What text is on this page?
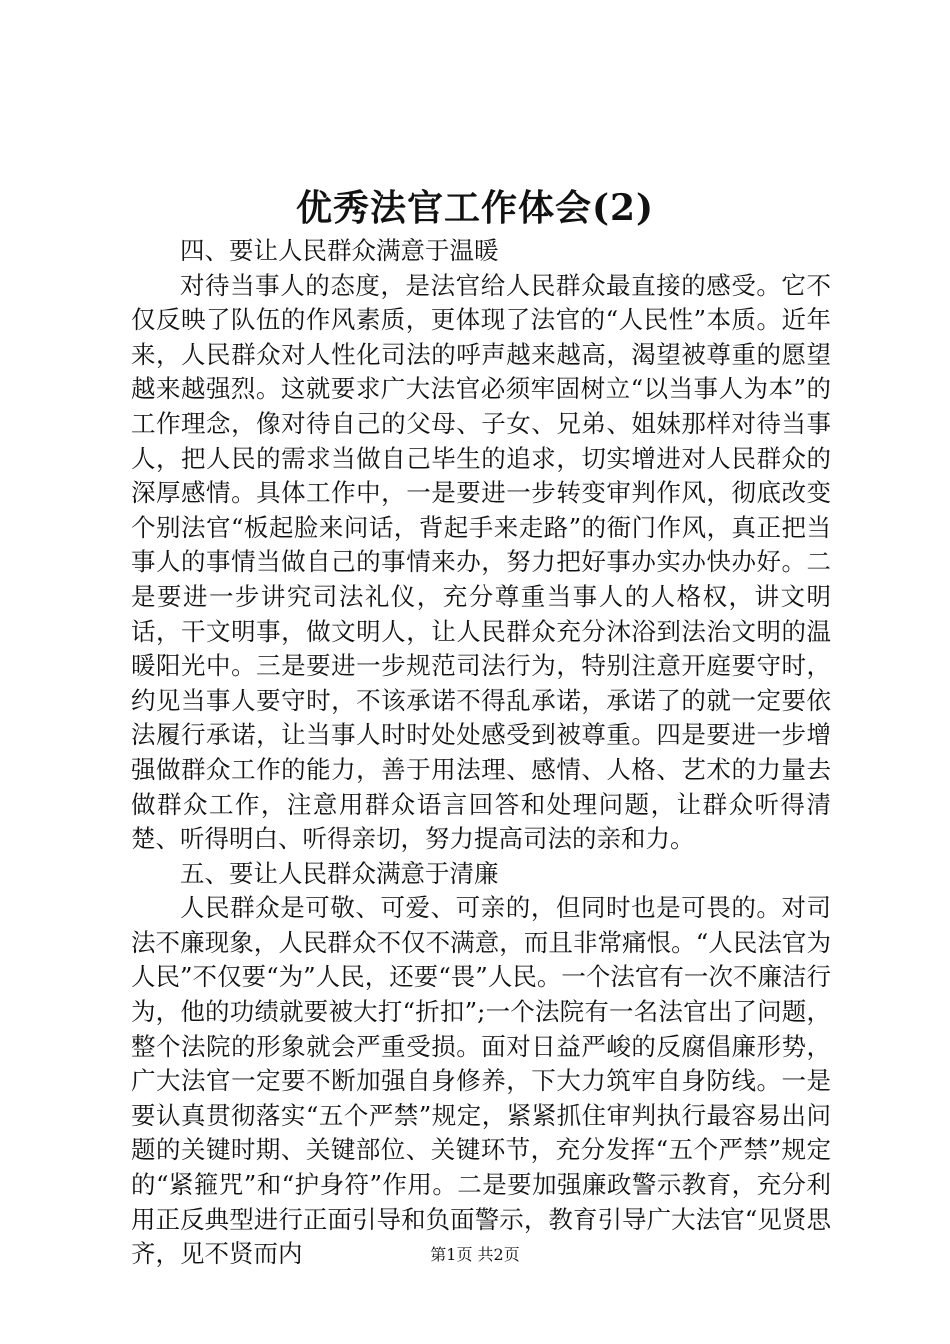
优秀法官工作体会(2)

四、要让人民群众满意于温暖

对待当事人的态度，是法官给人民群众最直接的感受。它不仅反映了队伍的作风素质，更体现了法官的“人民性”本质。近年来，人民群众对人性化司法的呼声越来越高，渴望被尊重的愿望越来越强烈。这就要求广大法官必须牢固树立“以当事人为本”的工作理念，像对待自己的父母、子女、兄弟、姐妹那样对待当事人，把人民的需求当做自己毕生的追求，切实增进对人民群众的深厚感情。具体工作中，一是要进一步转变审判作风，彻底改变个别法官“板起脸来问话，背起手来走路”的衙门作风，真正把当事人的事情当做自己的事情来办，努力把好事办实办快办好。二是要进一步讲究司法礼仪，充分尊重当事人的人格权，讲文明话，干文明事，做文明人，让人民群众充分沐浴到法治文明的温暖阳光中。三是要进一步规范司法行为，特别注意开庭要守时，约见当事人要守时，不该承诺不得乱承诺，承诺了的就一定要依法履行承诺，让当事人时时处处感受到被尊重。四是要进一步增强做群众工作的能力，善于用法理、感情、人格、艺术的力量去做群众工作，注意用群众语言回答和处理问题，让群众听得清楚、听得明白、听得亲切，努力提高司法的亲和力。

五、要让人民群众满意于清廉

人民群众是可敬、可爱、可亲的，但同时也是可畏的。对司法不廉现象，人民群众不仅不满意，而且非常痛恨。“人民法官为人民”不仅要“为”人民，还要“畏”人民。一个法官有一次不廉洁行为，他的功绩就要被大打“折扣”;一个法院有一名法官出了问题，整个法院的形象就会严重受损。面对日益严峻的反腐倡廉形势，广大法官一定要不断加强自身修养，下大力筑牢自身防线。一是要认真贯彻落实“五个严禁”规定，紧紧抓住审判执行最容易出问题的关键时期、关键部位、关键环节，充分发挥“五个严禁”规定的“紧箍咒”和“护身符”作用。二是要加强廉政警示教育，充分利用正反典型进行正面引导和负面警示，教育引导广大法官“见贤思齐，见不贤而内	第1页 共2页
